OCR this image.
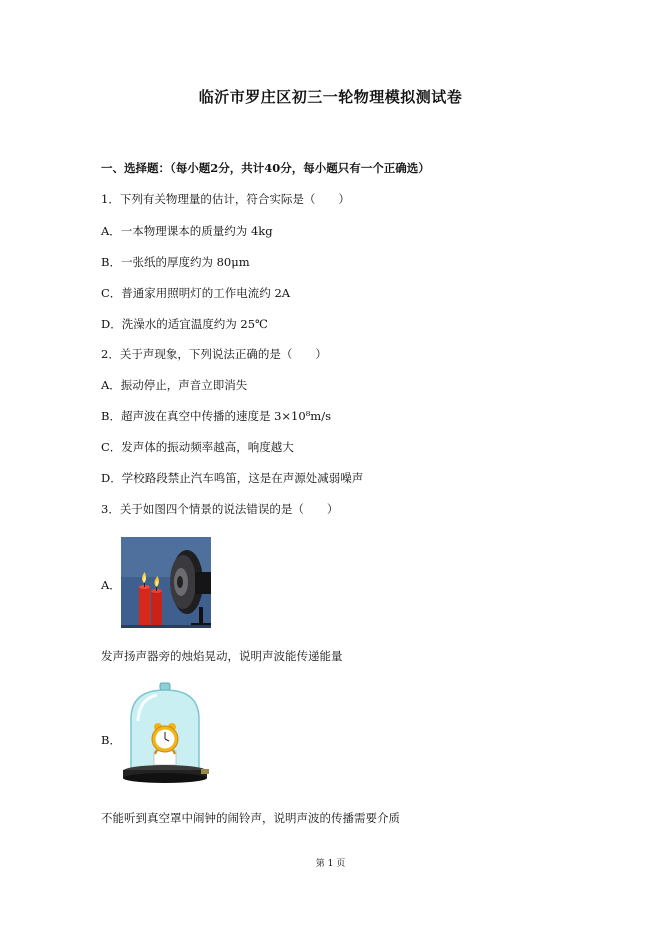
临沂市罗庄区初三一轮物理模拟测试卷
一、选择题：（每小题2分，共计40分，每小题只有一个正确选）
1．下列有关物理量的估计，符合实际是（　　）
A．一本物理课本的质量约为 4kg
B．一张纸的厚度约为 80μm
C．普通家用照明灯的工作电流约 2A
D．洗澡水的适宜温度约为 25℃
2．关于声现象，下列说法正确的是（　　）
A．振动停止，声音立即消失
B．超声波在真空中传播的速度是 3×10⁸m/s
C．发声体的振动频率越高，响度越大
D．学校路段禁止汽车鸣笛，这是在声源处减弱噪声
3．关于如图四个情景的说法错误的是（　　）
A．
发声扬声器旁的烛焰晃动，说明声波能传递能量
B．
不能听到真空罩中闹钟的闹铃声，说明声波的传播需要介质
第 1 页
